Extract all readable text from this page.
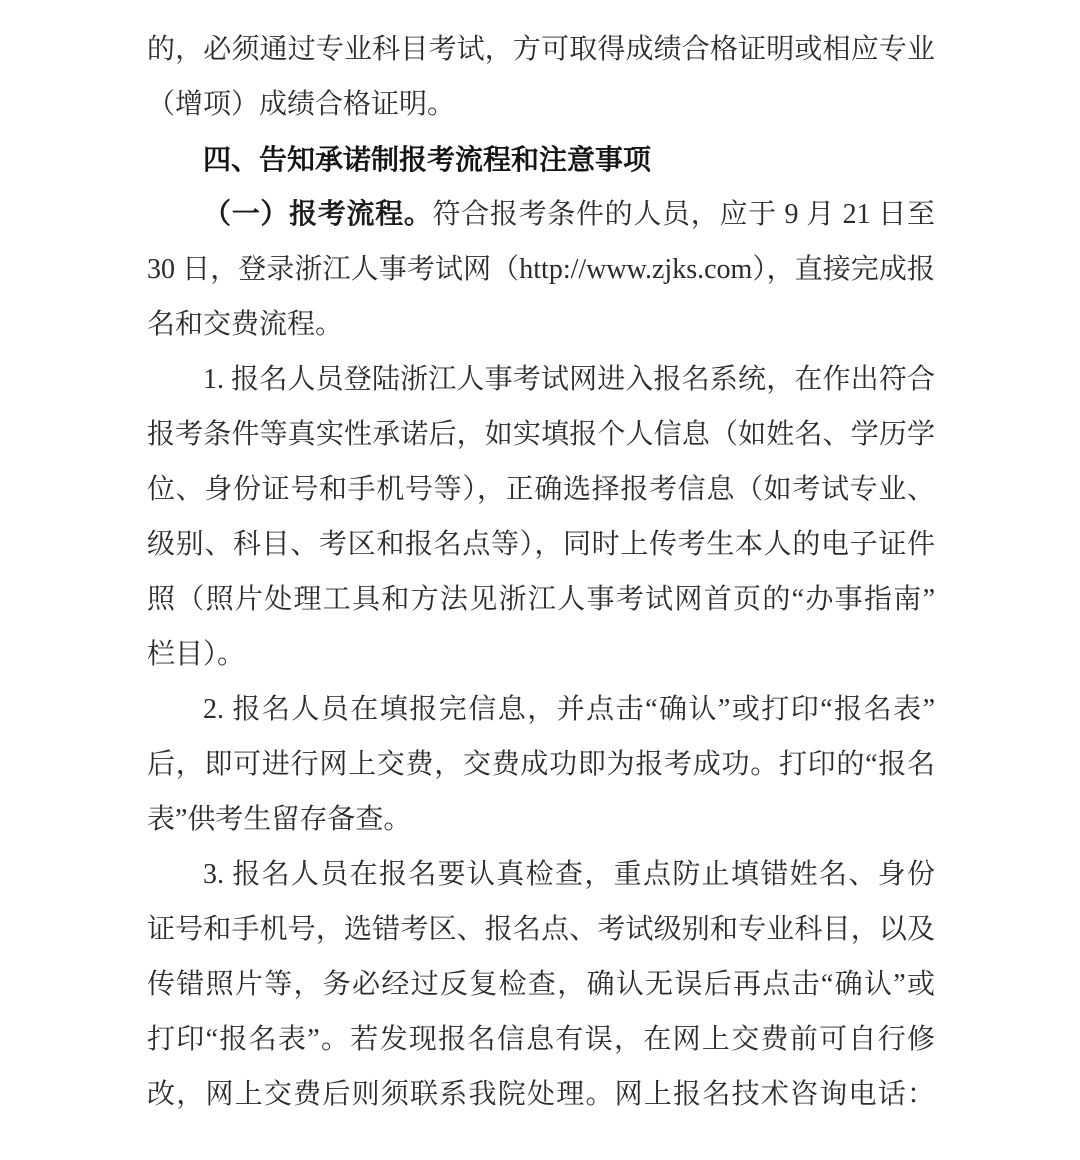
的，必须通过专业科目考试，方可取得成绩合格证明或相应专业
（增项）成绩合格证明。
四、告知承诺制报考流程和注意事项
（一）报考流程。符合报考条件的人员，应于 9 月 21 日至
30 日，登录浙江人事考试网（http://www.zjks.com），直接完成报
名和交费流程。
1. 报名人员登陆浙江人事考试网进入报名系统，在作出符合
报考条件等真实性承诺后，如实填报个人信息（如姓名、学历学
位、身份证号和手机号等），正确选择报考信息（如考试专业、
级别、科目、考区和报名点等），同时上传考生本人的电子证件
照（照片处理工具和方法见浙江人事考试网首页的“办事指南”
栏目）。
2. 报名人员在填报完信息，并点击“确认”或打印“报名表”
后，即可进行网上交费，交费成功即为报考成功。打印的“报名
表”供考生留存备查。
3. 报名人员在报名要认真检查，重点防止填错姓名、身份
证号和手机号，选错考区、报名点、考试级别和专业科目，以及
传错照片等，务必经过反复检查，确认无误后再点击“确认”或
打印“报名表”。若发现报名信息有误，在网上交费前可自行修
改，网上交费后则须联系我院处理。网上报名技术咨询电话：
